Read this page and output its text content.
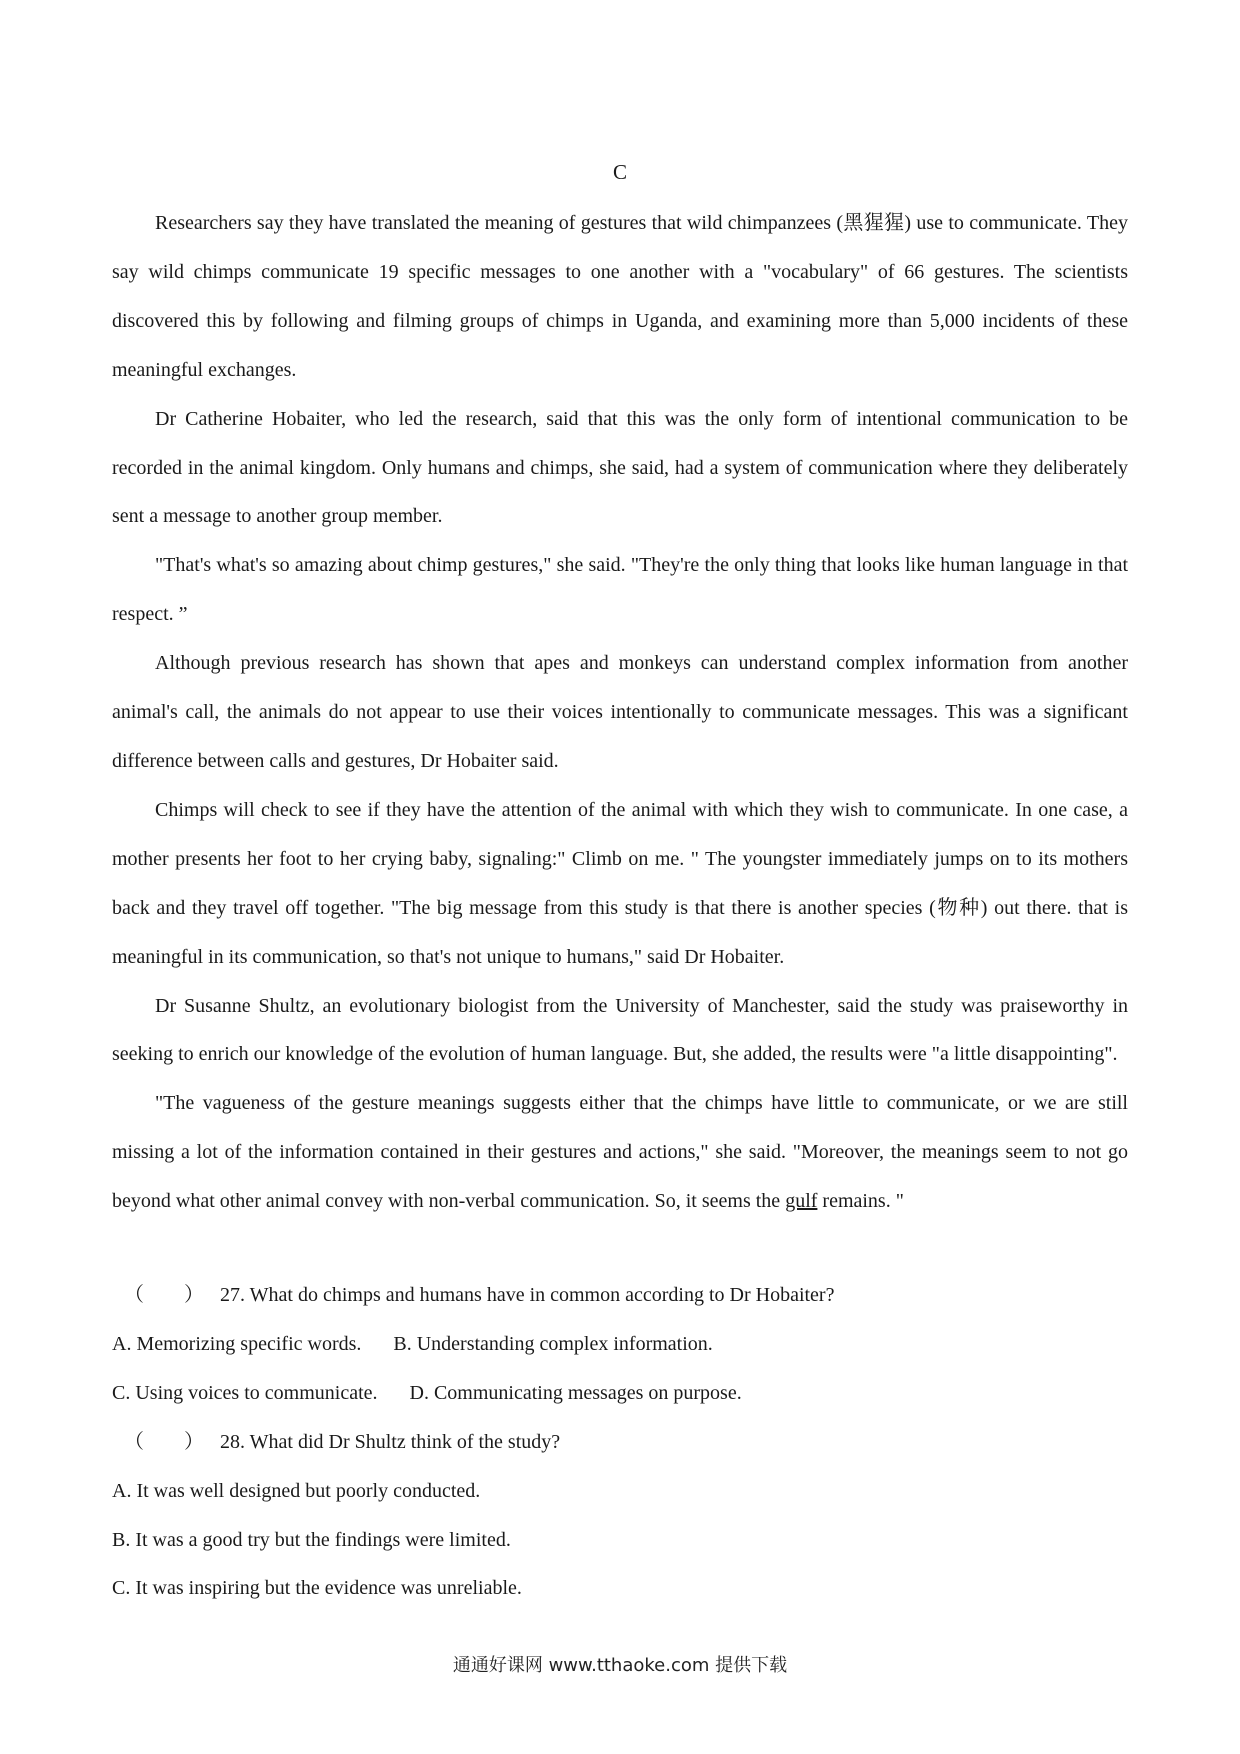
C

Researchers say they have translated the meaning of gestures that wild chimpanzees (黑猩猩) use to communicate. They say wild chimps communicate 19 specific messages to one another with a "vocabulary" of 66 gestures. The scientists discovered this by following and filming groups of chimps in Uganda, and examining more than 5,000 incidents of these meaningful exchanges.

Dr Catherine Hobaiter, who led the research, said that this was the only form of intentional communication to be recorded in the animal kingdom. Only humans and chimps, she said, had a system of communication where they deliberately sent a message to another group member.

"That's what's so amazing about chimp gestures," she said. "They're the only thing that looks like human language in that respect. ”

Although previous research has shown that apes and monkeys can understand complex information from another animal's call, the animals do not appear to use their voices intentionally to communicate messages. This was a significant difference between calls and gestures, Dr Hobaiter said.

Chimps will check to see if they have the attention of the animal with which they wish to communicate. In one case, a mother presents her foot to her crying baby, signaling:" Climb on me. " The youngster immediately jumps on to its mothers back and they travel off together. "The big message from this study is that there is another species (物种) out there. that is meaningful in its communication, so that's not unique to humans," said Dr Hobaiter.

Dr Susanne Shultz, an evolutionary biologist from the University of Manchester, said the study was praiseworthy in seeking to enrich our knowledge of the evolution of human language. But, she added, the results were "a little disappointing".

"The vagueness of the gesture meanings suggests either that the chimps have little to communicate, or we are still missing a lot of the information contained in their gestures and actions," she said. "Moreover, the meanings seem to not go beyond what other animal convey with non-verbal communication. So, it seems the gulf remains. "

（　　） 27. What do chimps and humans have in common according to Dr Hobaiter?

A. Memorizing specific words. B. Understanding complex information.

C. Using voices to communicate. D. Communicating messages on purpose.

（　　） 28. What did Dr Shultz think of the study?

A. It was well designed but poorly conducted.

B. It was a good try but the findings were limited.

C. It was inspiring but the evidence was unreliable.

通通好课网 www.tthaoke.com 提供下载
